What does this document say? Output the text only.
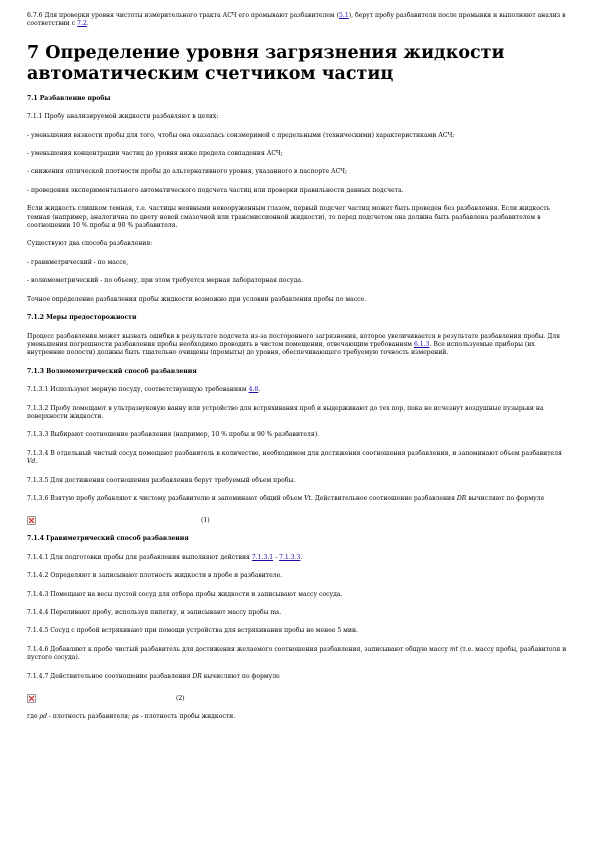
6.7.6 Для проверки уровня чистоты измерительного тракта АСЧ его промывают разбавителем (5.1), берут пробу разбавителя после промывки и выполняют анализ в соответствии с 7.2.

7 Определение уровня загрязнения жидкости автоматическим счетчиком частиц

7.1 Разбавление пробы

7.1.1 Пробу анализируемой жидкости разбавляют в целях:

- уменьшения вязкости пробы для того, чтобы она оказалась соизмеримой с предельными (техническими) характеристиками АСЧ;

- уменьшения концентрации частиц до уровня ниже предела совпадения АСЧ;

- снижения оптической плотности пробы до альтернативного уровня, указанного в паспорте АСЧ;

- проведения экспериментального автоматического подсчета частиц или проверки правильности данных подсчета.

Если жидкость слишком темная, т.е. частицы неявными невооруженным глазом, первый подсчет частиц может быть проведен без разбавления. Если жидкость темная (например, аналогична по цвету новой смазочной или трансмиссионной жидкости), то перед подсчетом она должна быть разбавлена разбавителем в соотношении 10 % пробы и 90 % разбавителя.

Существуют два способа разбавления:

- гравиметрический - по массе,

- волюмометрический - по объему, при этом требуется мерная лабораторная посуда.

Точное определение разбавления пробы жидкости возможно при условии разбавления пробы по массе.

7.1.2 Меры предосторожности

Процесс разбавления может вызвать ошибки в результате подсчета из-за постороннего загрязнения, которое увеличивается в результате разбавления пробы. Для уменьшения погрешности разбавления пробы необходимо проводить в чистом помещении, отвечающим требованиям 6.1.3. Все используемые приборы (их внутренние полости) должны быть тщательно очищены (промыты) до уровня, обеспечивающего требуемую точность измерений.

7.1.3 Волюмометрический способ разбавления

7.1.3.1 Используют мерную посуду, соответствующую требованиям 4.8.

7.1.3.2 Пробу помещают в ультразвуковую ванну или устройство для встряхивания проб и выдерживают до тех пор, пока не исчезнут воздушные пузырьки на поверхности жидкости.

7.1.3.3 Выбирают соотношение разбавления (например, 10 % пробы и 90 % разбавителя).

7.1.3.4 В отдельный чистый сосуд помещают разбавитель в количестве, необходимом для достижения соотношения разбавления, и запоминают объем разбавителя Vd.

7.1.3.5 Для достижения соотношения разбавления берут требуемый объем пробы.

7.1.3.6 Взятую пробу добавляют к чистому разбавителю и запоминают общий объем Vt. Действительное соотношение разбавления DR вычисляют по формуле

(1)

7.1.4 Гравиметрический способ разбавления

7.1.4.1 Для подготовки пробы для разбавления выполняют действия 7.1.3.1 - 7.1.3.3.

7.1.4.2 Определяют и записывают плотность жидкости в пробе и разбавителе.

7.1.4.3 Помещают на весы пустой сосуд для отбора пробы жидкости и записывают массу сосуда.

7.1.4.4 Переливают пробу, используя пипетку, и записывают массу пробы ms.

7.1.4.5 Сосуд с пробой встряхивают при помощи устройства для встряхивания пробы не менее 5 мин.

7.1.4.6 Добавляют к пробе чистый разбавитель для достижения желаемого соотношения разбавления, записывают общую массу mt (т.е. массу пробы, разбавителя и пустого сосуда).

7.1.4.7 Действительное соотношение разбавления DR вычисляют по формуле

(2)

где ρd - плотность разбавителя; ρs - плотность пробы жидкости.
